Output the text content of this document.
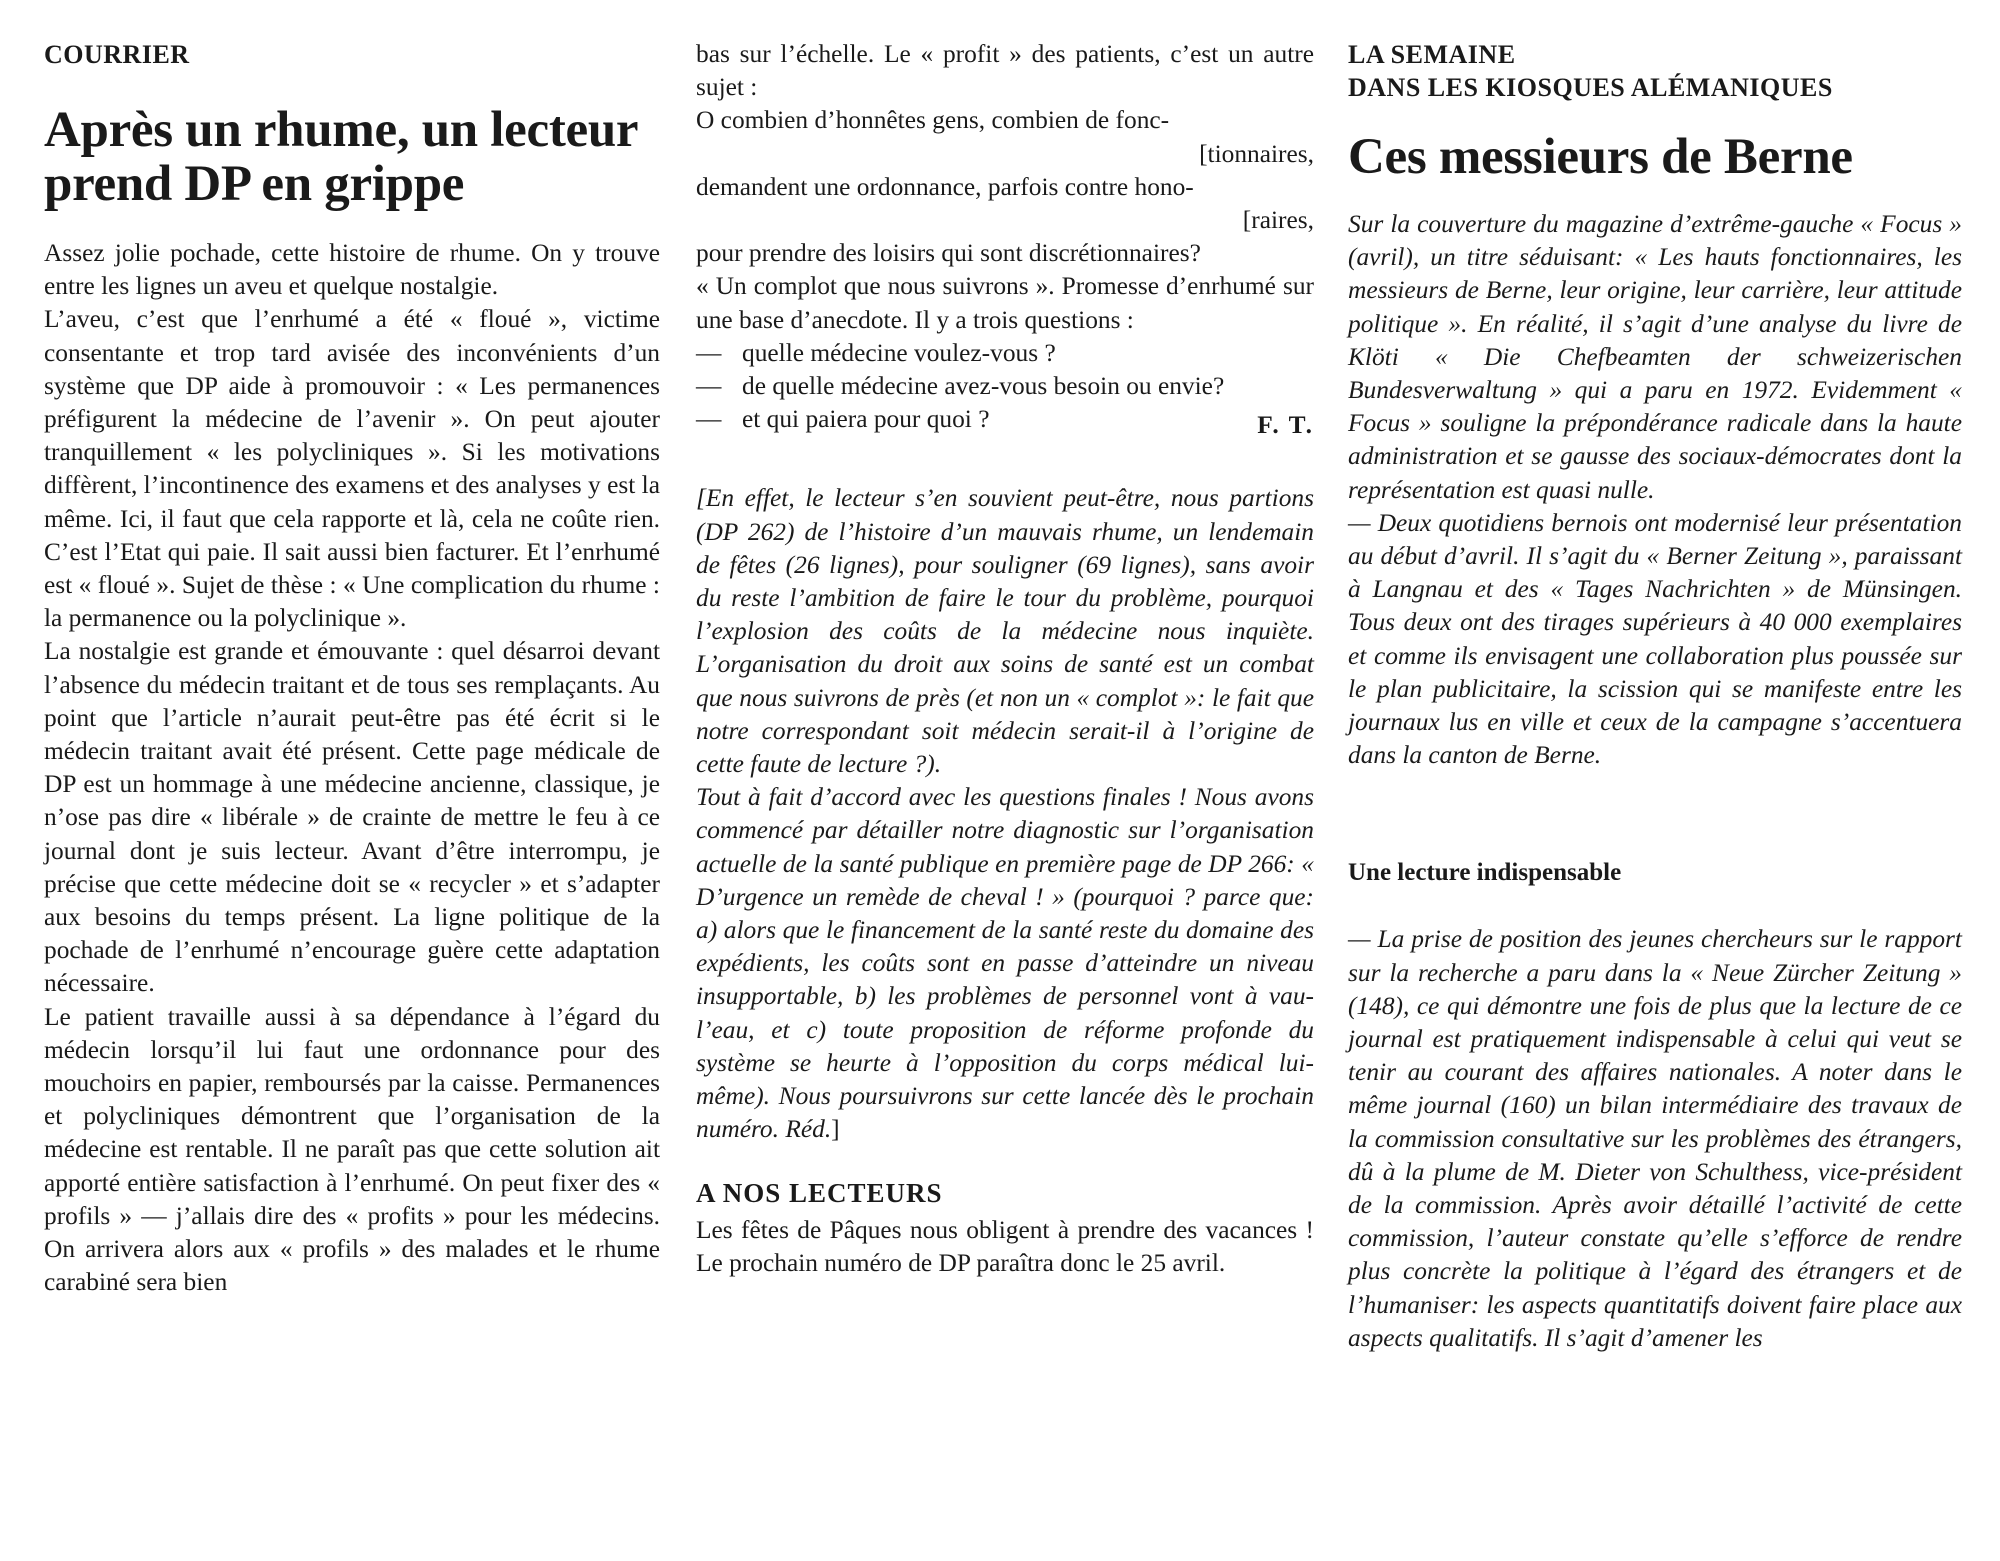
COURRIER
Après un rhume, un lecteur
prend DP en grippe

Assez jolie pochade, cette histoire de rhume. On y trouve entre les lignes un aveu et quelque nostalgie.

L’aveu, c’est que l’enrhumé a été « floué », victime consentante et trop tard avisée des inconvénients d’un système que DP aide à promouvoir : « Les permanences préfigurent la médecine de l’avenir ». On peut ajouter tranquillement « les polycliniques ». Si les motivations diffèrent, l’incontinence des examens et des analyses y est la même. Ici, il faut que cela rapporte et là, cela ne coûte rien. C’est l’Etat qui paie. Il sait aussi bien facturer. Et l’enrhumé est « floué ». Sujet de thèse : « Une complication du rhume : la permanence ou la polyclinique ».

La nostalgie est grande et émouvante : quel désarroi devant l’absence du médecin traitant et de tous ses remplaçants. Au point que l’article n’aurait peut-être pas été écrit si le médecin traitant avait été présent. Cette page médicale de DP est un hommage à une médecine ancienne, classique, je n’ose pas dire « libérale » de crainte de mettre le feu à ce journal dont je suis lecteur. Avant d’être interrompu, je précise que cette médecine doit se « recycler » et s’adapter aux besoins du temps présent. La ligne politique de la pochade de l’enrhumé n’encourage guère cette adaptation nécessaire.

Le patient travaille aussi à sa dépendance à l’égard du médecin lorsqu’il lui faut une ordonnance pour des mouchoirs en papier, remboursés par la caisse. Permanences et polycliniques démontrent que l’organisation de la médecine est rentable. Il ne paraît pas que cette solution ait apporté entière satisfaction à l’enrhumé. On peut fixer des « profils » — j’allais dire des « profits » pour les médecins. On arrivera alors aux « profils » des malades et le rhume carabiné sera bien

bas sur l’échelle. Le « profit » des patients, c’est un autre sujet :

O combien d’honnêtes gens, combien de fonc-
[tionnaires,
demandent une ordonnance, parfois contre hono-
[raires,
pour prendre des loisirs qui sont discrétionnaires?

« Un complot que nous suivrons ». Promesse d’enrhumé sur une base d’anecdote. Il y a trois questions :

— quelle médecine voulez-vous ?
— de quelle médecine avez-vous besoin ou envie?
— et qui paiera pour quoi ?	F. T.

[En effet, le lecteur s’en souvient peut-être, nous partions (DP 262) de l’histoire d’un mauvais rhume, un lendemain de fêtes (26 lignes), pour souligner (69 lignes), sans avoir du reste l’ambition de faire le tour du problème, pourquoi l’explosion des coûts de la médecine nous inquiète. L’organisation du droit aux soins de santé est un combat que nous suivrons de près (et non un « complot »: le fait que notre correspondant soit médecin serait-il à l’origine de cette faute de lecture ?).

Tout à fait d’accord avec les questions finales ! Nous avons commencé par détailler notre diagnostic sur l’organisation actuelle de la santé publique en première page de DP 266: « D’urgence un remède de cheval ! » (pourquoi ? parce que: a) alors que le financement de la santé reste du domaine des expédients, les coûts sont en passe d’atteindre un niveau insupportable, b) les problèmes de personnel vont à vau-l’eau, et c) toute proposition de réforme profonde du système se heurte à l’opposition du corps médical lui-même). Nous poursuivrons sur cette lancée dès le prochain numéro. Réd.]

A NOS LECTEURS

Les fêtes de Pâques nous obligent à prendre des vacances ! Le prochain numéro de DP paraîtra donc le 25 avril.

LA SEMAINE
DANS LES KIOSQUES ALÉMANIQUES
Ces messieurs de Berne

Sur la couverture du magazine d’extrême-gauche « Focus » (avril), un titre séduisant: « Les hauts fonctionnaires, les messieurs de Berne, leur origine, leur carrière, leur attitude politique ». En réalité, il s’agit d’une analyse du livre de Klöti « Die Chefbeamten der schweizerischen Bundesverwaltung » qui a paru en 1972. Evidemment « Focus » souligne la prépondérance radicale dans la haute administration et se gausse des sociaux-démocrates dont la représentation est quasi nulle.

— Deux quotidiens bernois ont modernisé leur présentation au début d’avril. Il s’agit du « Berner Zeitung », paraissant à Langnau et des « Tages Nachrichten » de Münsingen. Tous deux ont des tirages supérieurs à 40 000 exemplaires et comme ils envisagent une collaboration plus poussée sur le plan publicitaire, la scission qui se manifeste entre les journaux lus en ville et ceux de la campagne s’accentuera dans la canton de Berne.

Une lecture indispensable

— La prise de position des jeunes chercheurs sur le rapport sur la recherche a paru dans la « Neue Zürcher Zeitung » (148), ce qui démontre une fois de plus que la lecture de ce journal est pratiquement indispensable à celui qui veut se tenir au courant des affaires nationales. A noter dans le même journal (160) un bilan intermédiaire des travaux de la commission consultative sur les problèmes des étrangers, dû à la plume de M. Dieter von Schulthess, vice-président de la commission. Après avoir détaillé l’activité de cette commission, l’auteur constate qu’elle s’efforce de rendre plus concrète la politique à l’égard des étrangers et de l’humaniser: les aspects quantitatifs doivent faire place aux aspects qualitatifs. Il s’agit d’amener les
